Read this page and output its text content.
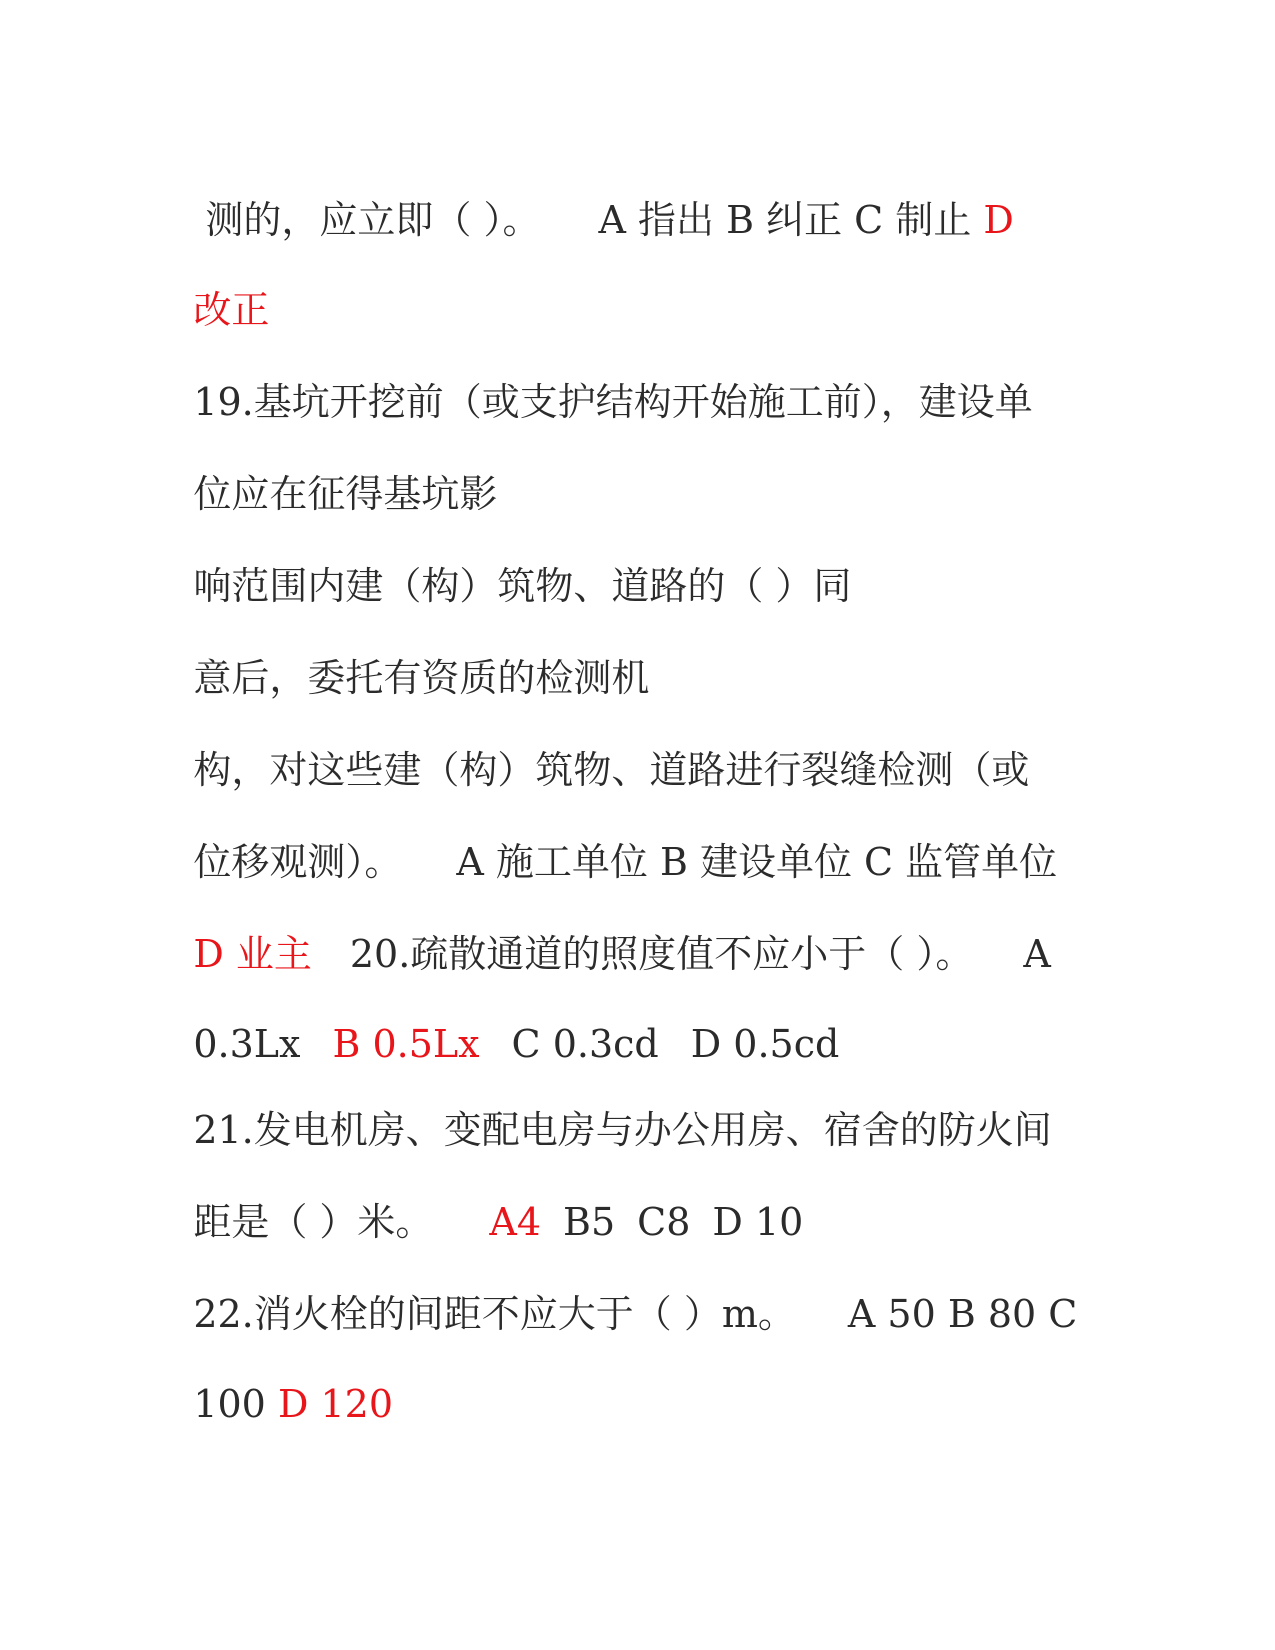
测的，应立即（ ）。 A 指出 B 纠正 C 制止 D

改正

19.基坑开挖前（或支护结构开始施工前），建设单

位应在征得基坑影

响范围内建（构）筑物、道路的（ ）同

意后，委托有资质的检测机

构，对这些建（构）筑物、道路进行裂缝检测（或

位移观测）。 A 施工单位 B 建设单位 C 监管单位

D 业主 20.疏散通道的照度值不应小于（ ）。 A

0.3Lx B 0.5Lx C 0.3cd D 0.5cd

21.发电机房、变配电房与办公用房、宿舍的防火间

距是（ ）米。 A4 B5 C8 D 10

22.消火栓的间距不应大于（ ）m。 A 50 B 80 C

100 D 120
